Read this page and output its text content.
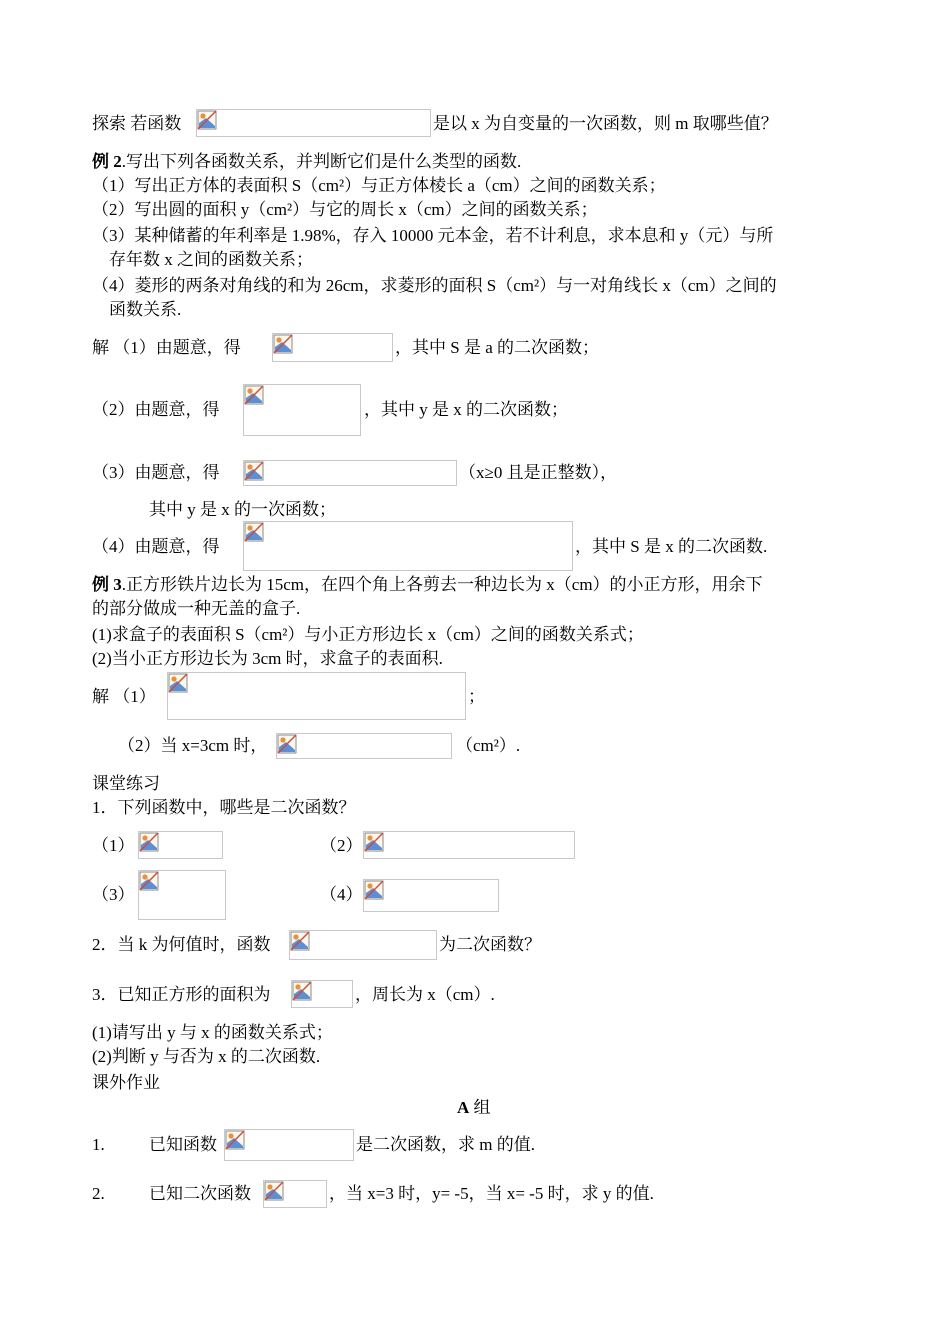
探索 若函数	是以 x 为自变量的一次函数，则 m 取哪些值？
例 2.写出下列各函数关系，并判断它们是什么类型的函数.
（1）写出正方体的表面积 S（cm²）与正方体棱长 a（cm）之间的函数关系；
（2）写出圆的面积 y（cm²）与它的周长 x（cm）之间的函数关系；
（3）某种储蓄的年利率是 1.98%，存入 10000 元本金，若不计利息，求本息和 y（元）与所
存年数 x 之间的函数关系；
（4）菱形的两条对角线的和为 26cm，求菱形的面积 S（cm²）与一对角线长 x（cm）之间的
函数关系.
解 （1）由题意，得	，其中 S 是 a 的二次函数；
（2）由题意，得	，其中 y 是 x 的二次函数；
（3）由题意，得	（x≥0 且是正整数），
其中 y 是 x 的一次函数；
（4）由题意，得	，其中 S 是 x 的二次函数.
例 3.正方形铁片边长为 15cm，在四个角上各剪去一种边长为 x（cm）的小正方形，用余下
的部分做成一种无盖的盒子.
(1)求盒子的表面积 S（cm²）与小正方形边长 x（cm）之间的函数关系式；
(2)当小正方形边长为 3cm 时，求盒子的表面积.
解 （1）	；
（2）当 x=3cm 时，	（cm²）.
课堂练习
1．下列函数中，哪些是二次函数？
（1）	（2）
（3）	（4）
2．当 k 为何值时，函数	为二次函数？
3．已知正方形的面积为	，周长为 x（cm）.
(1)请写出 y 与 x 的函数关系式；
(2)判断 y 与否为 x 的二次函数.
课外作业
A 组
1.	已知函数	是二次函数，求 m 的值.
2.	已知二次函数	，当 x=3 时，y= -5，当 x= -5 时，求 y 的值.
